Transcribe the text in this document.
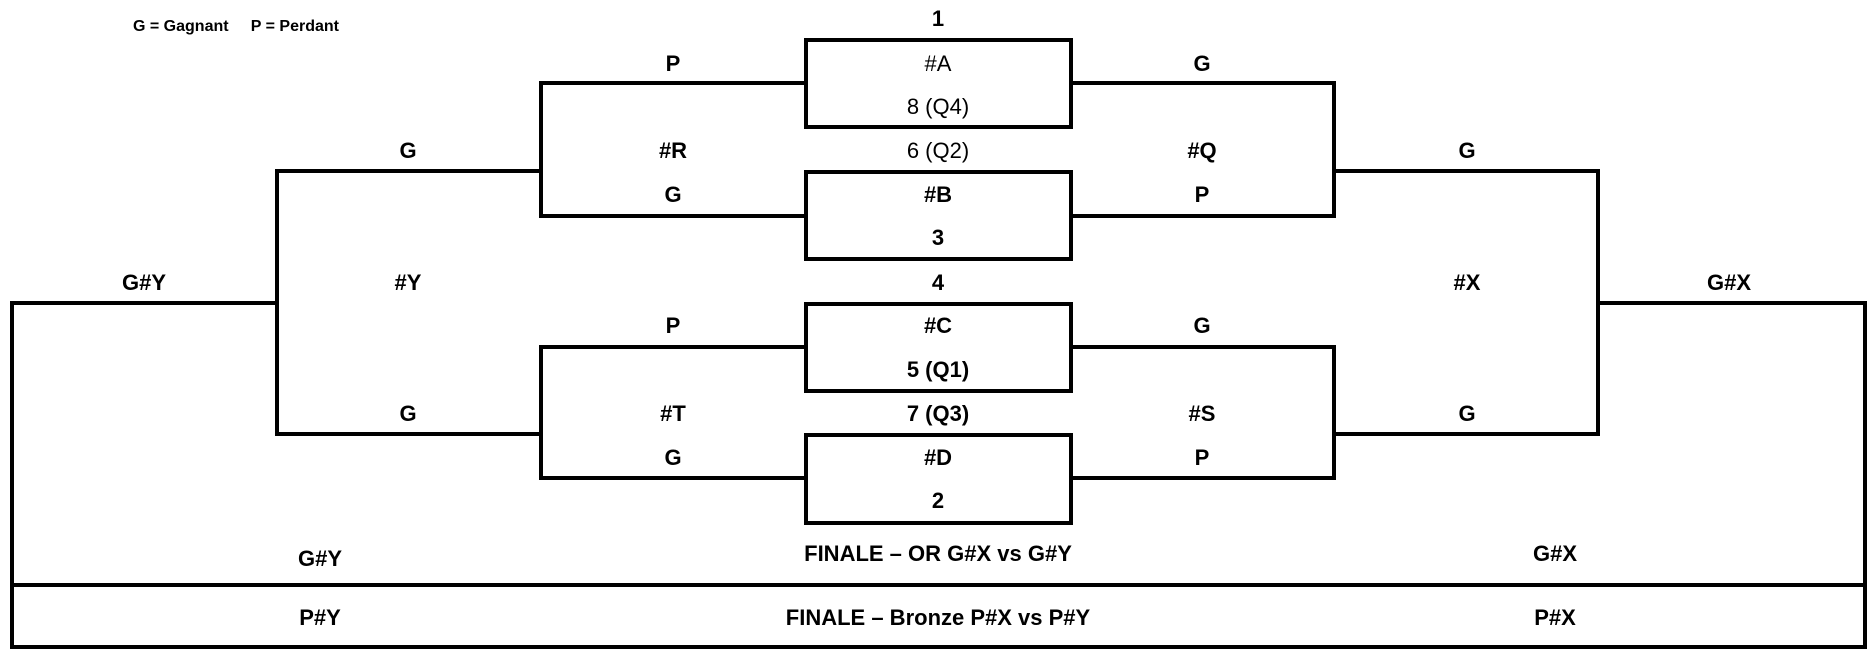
G = Gagnant     P = Perdant	1
#A
8 (Q4)
6 (Q2)
#B
3
4
#C
5 (Q1)
7 (Q3)
#D
2
P	G
G	P
P	G
G	P
#R	#Q
#T	#S
G	G
G	G
#Y	#X
G#Y	G#X
G#Y	FINALE – OR G#X vs G#Y	G#X
P#Y	FINALE – Bronze P#X vs P#Y	P#X
